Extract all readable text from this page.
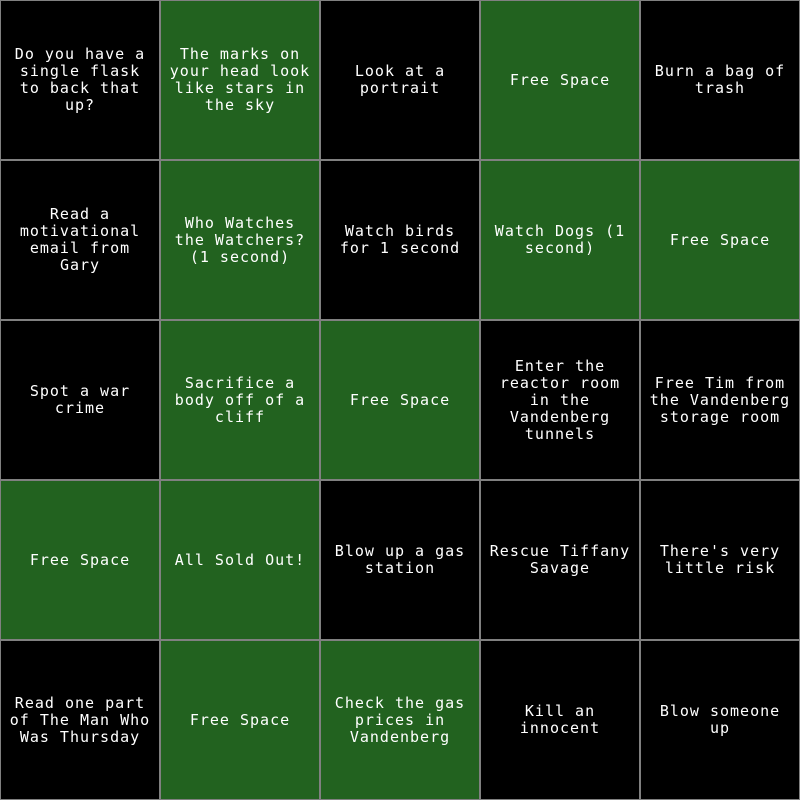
Do you have a single flask to back that up?
The marks on your head look like stars in the sky
Look at a portrait	Free Space	Burn a bag of trash
Read a motivational email from Gary
Who Watches the Watchers? (1 second)
Watch birds for 1 second
Watch Dogs (1 second)	Free Space
Spot a war crime
Sacrifice a body off of a cliff
Free Space
Enter the reactor room in the Vandenberg tunnels
Free Tim from the Vandenberg storage room
Free Space	All Sold Out!	Blow up a gas station
Rescue Tiffany Savage
There's very little risk
Read one part of The Man Who Was Thursday
Free Space
Check the gas prices in Vandenberg
Kill an innocent
Blow someone up
